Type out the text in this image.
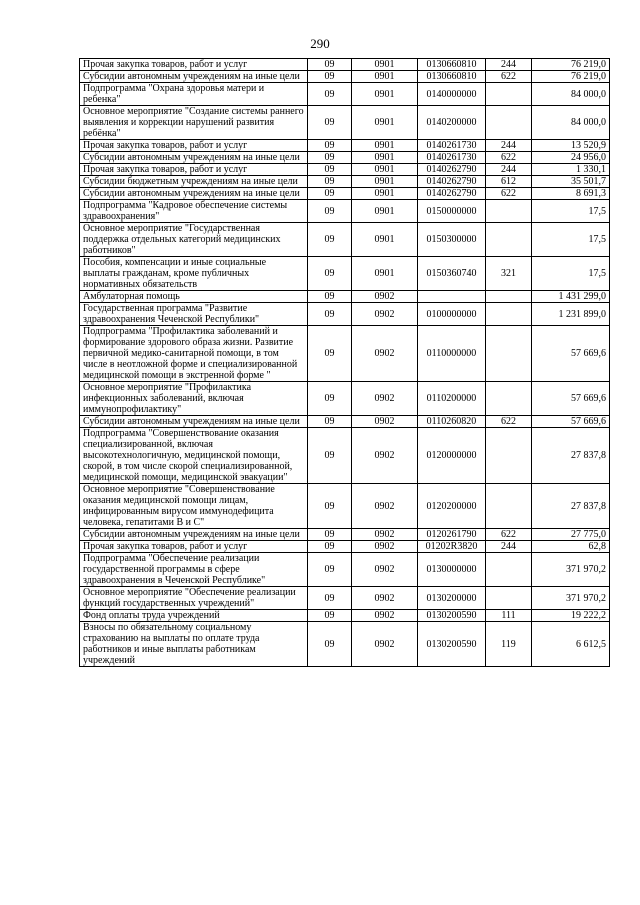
290
Прочая закупка товаров, работ и услуг	09	0901	0130660810	244	76 219,0
Субсидии автономным учреждениям на иные цели	09	0901	0130660810	622	76 219,0
Подпрограмма "Охрана здоровья матери и ребенка"	09	0901	0140000000		84 000,0
Основное мероприятие "Создание системы раннего выявления и коррекции нарушений развития ребёнка"	09	0901	0140200000		84 000,0
Прочая закупка товаров, работ и услуг	09	0901	0140261730	244	13 520,9
Субсидии автономным учреждениям на иные цели	09	0901	0140261730	622	24 956,0
Прочая закупка товаров, работ и услуг	09	0901	0140262790	244	1 330,1
Субсидии бюджетным учреждениям на иные цели	09	0901	0140262790	612	35 501,7
Субсидии автономным учреждениям на иные цели	09	0901	0140262790	622	8 691,3
Подпрограмма "Кадровое обеспечение системы здравоохранения"	09	0901	0150000000		17,5
Основное мероприятие "Государственная поддержка отдельных категорий медицинских работников"	09	0901	0150300000		17,5
Пособия, компенсации и иные социальные выплаты гражданам, кроме публичных нормативных обязательств	09	0901	0150360740	321	17,5
Амбулаторная помощь	09	0902			1 431 299,0
Государственная программа "Развитие здравоохранения Чеченской Республики"	09	0902	0100000000		1 231 899,0
Подпрограмма "Профилактика заболеваний и формирование здорового образа жизни. Развитие первичной медико-санитарной помощи, в том числе в неотложной форме и специализированной медицинской помощи в экстренной форме "	09	0902	0110000000		57 669,6
Основное мероприятие "Профилактика инфекционных заболеваний, включая иммунопрофилактику"	09	0902	0110200000		57 669,6
Субсидии автономным учреждениям на иные цели	09	0902	0110260820	622	57 669,6
Подпрограмма "Совершенствование оказания специализированной, включая высокотехнологичную, медицинской помощи, скорой, в том числе скорой специализированной, медицинской помощи, медицинской эвакуации"	09	0902	0120000000		27 837,8
Основное мероприятие "Совершенствование оказания медицинской помощи лицам, инфицированным вирусом иммунодефицита человека, гепатитами В и С"	09	0902	0120200000		27 837,8
Субсидии автономным учреждениям на иные цели	09	0902	0120261790	622	27 775,0
Прочая закупка товаров, работ и услуг	09	0902	01202R3820	244	62,8
Подпрограмма "Обеспечение реализации государственной программы в сфере здравоохранения в Чеченской Республике"	09	0902	0130000000		371 970,2
Основное мероприятие "Обеспечение реализации функций государственных учреждений"	09	0902	0130200000		371 970,2
Фонд оплаты труда учреждений	09	0902	0130200590	111	19 222,2
Взносы по обязательному социальному страхованию на выплаты по оплате труда работников и иные выплаты работникам учреждений	09	0902	0130200590	119	6 612,5
